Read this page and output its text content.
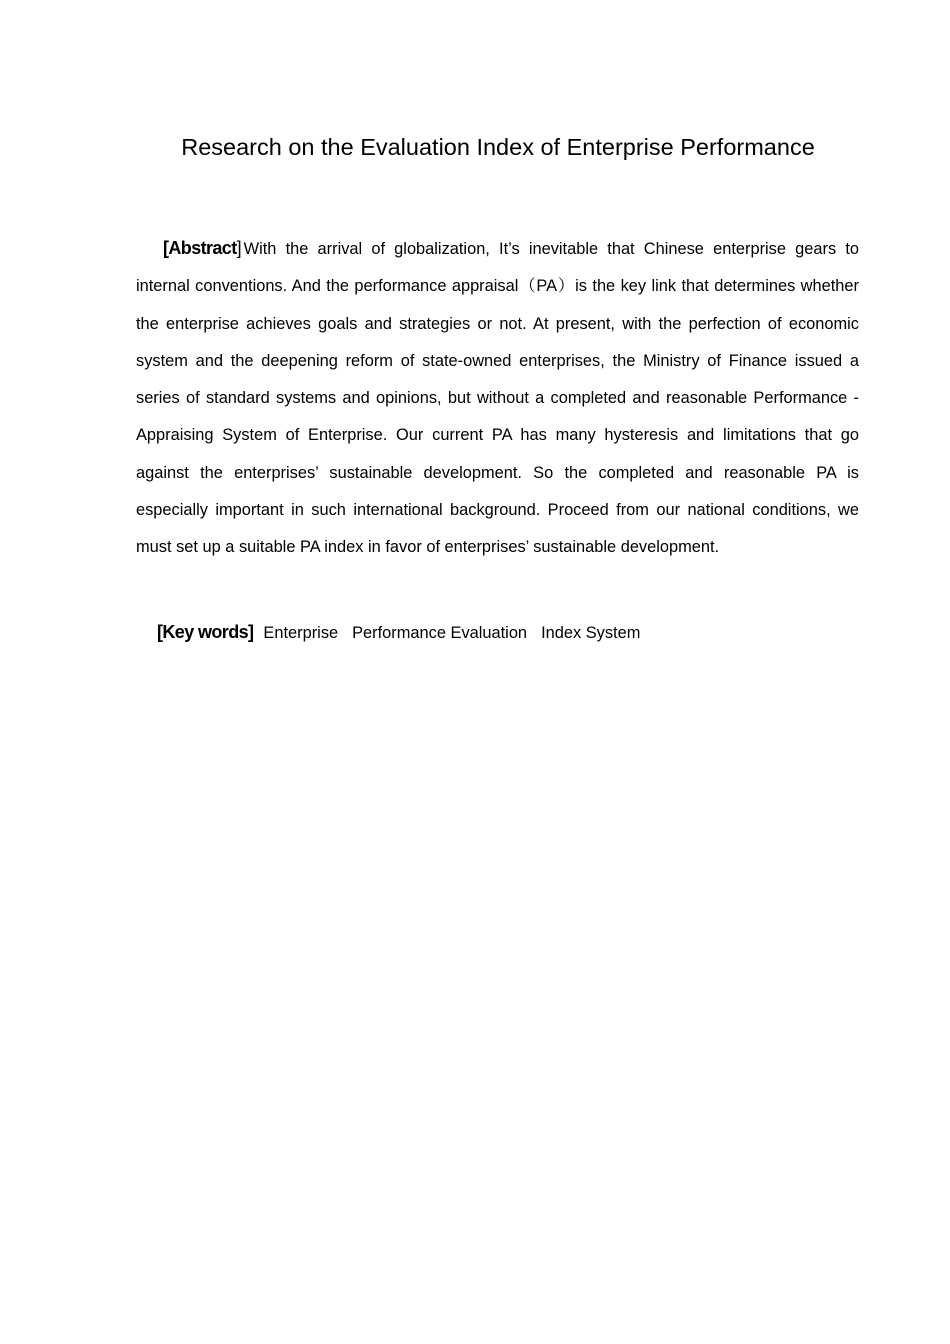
Research on the Evaluation Index of Enterprise Performance

[Abstract] With the arrival of globalization, It’s inevitable that Chinese enterprise gears to internal conventions. And the performance appraisal（PA）is the key link that determines whether the enterprise achieves goals and strategies or not. At present, with the perfection of economic system and the deepening reform of state-owned enterprises, the Ministry of Finance issued a series of standard systems and opinions, but without a completed and reasonable Performance - Appraising System of Enterprise. Our current PA has many hysteresis and limitations that go against the enterprises’ sustainable development. So the completed and reasonable PA is especially important in such international background. Proceed from our national conditions, we must set up a suitable PA index in favor of enterprises’ sustainable development.

[Key words] Enterprise Performance Evaluation Index System
